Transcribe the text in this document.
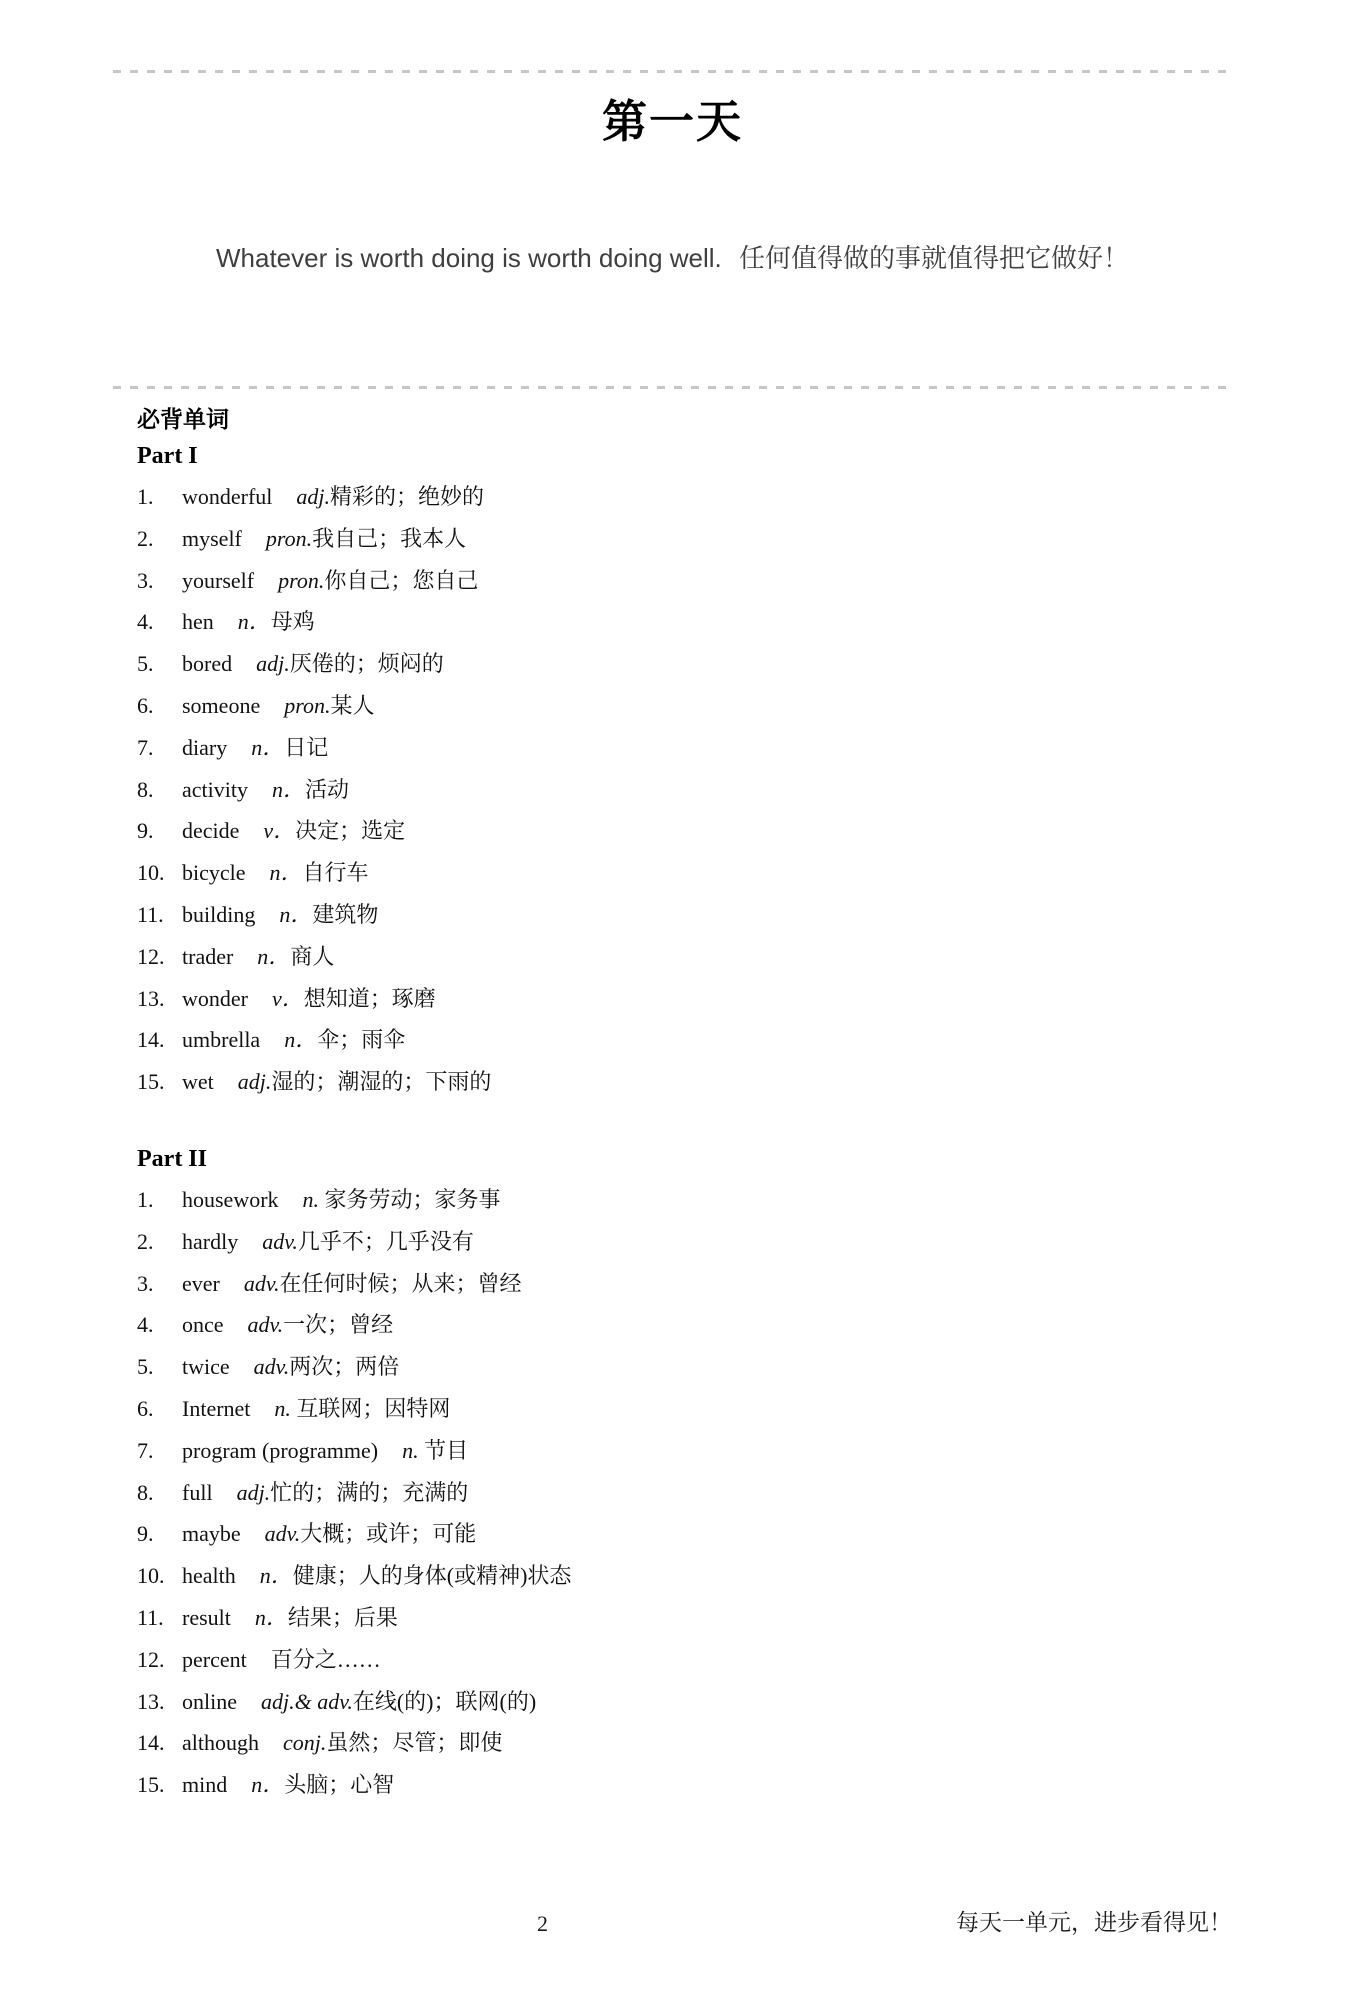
第一天
Whatever is worth doing is worth doing well. 任何值得做的事就值得把它做好！
必背单词
Part I
1.	wonderful adj. 精彩的；绝妙的
2.	myself pron. 我自己；我本人
3.	yourself pron. 你自己；您自己
4.	hen n． 母鸡
5.	bored adj. 厌倦的；烦闷的
6.	someone pron. 某人
7.	diary n． 日记
8.	activity n． 活动
9.	decide v． 决定；选定
10. bicycle n． 自行车
11. building n． 建筑物
12. trader n． 商人
13. wonder v． 想知道；琢磨
14. umbrella n． 伞；雨伞
15. wet adj. 湿的；潮湿的；下雨的
Part II
1.	housework n. 家务劳动；家务事
2.	hardly adv. 几乎不；几乎没有
3.	ever adv. 在任何时候；从来；曾经
4.	once adv. 一次；曾经
5.	twice adv. 两次；两倍
6.	Internet n. 互联网；因特网
7.	program (programme) n. 节目
8.	full adj. 忙的；满的；充满的
9.	maybe adv. 大概；或许；可能
10. health n． 健康；人的身体(或精神)状态
11. result n． 结果；后果
12. percent 百分之……
13. online adj.& adv. 在线(的)；联网(的)
14. although conj. 虽然；尽管；即使
15. mind n． 头脑；心智
2	每天一单元，进步看得见！
